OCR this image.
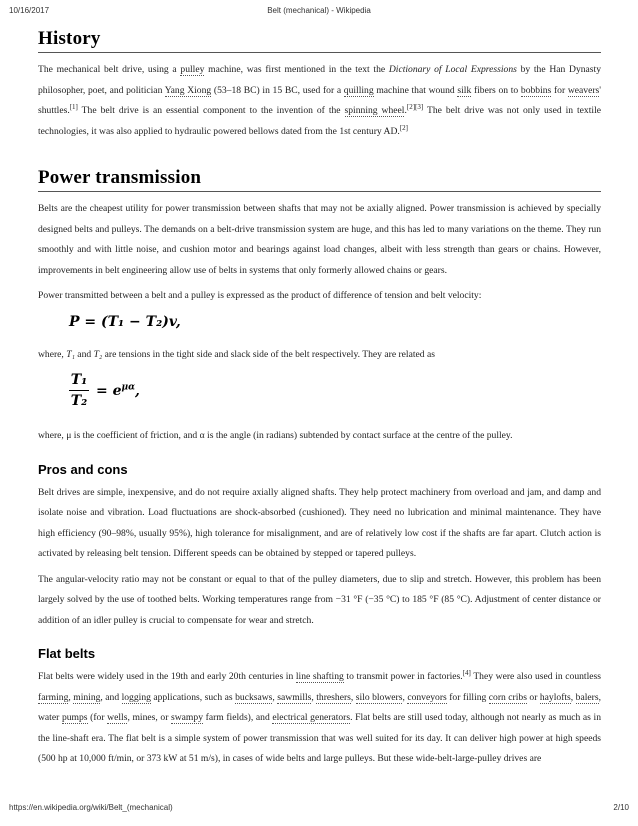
10/16/2017	Belt (mechanical) - Wikipedia
History

The mechanical belt drive, using a pulley machine, was first mentioned in the text the Dictionary of Local Expressions by the Han Dynasty philosopher, poet, and politician Yang Xiong (53–18 BC) in 15 BC, used for a quilling machine that wound silk fibers on to bobbins for weavers' shuttles.[1] The belt drive is an essential component to the invention of the spinning wheel.[2][3] The belt drive was not only used in textile technologies, it was also applied to hydraulic powered bellows dated from the 1st century AD.[2]

Power transmission

Belts are the cheapest utility for power transmission between shafts that may not be axially aligned. Power transmission is achieved by specially designed belts and pulleys. The demands on a belt-drive transmission system are huge, and this has led to many variations on the theme. They run smoothly and with little noise, and cushion motor and bearings against load changes, albeit with less strength than gears or chains. However, improvements in belt engineering allow use of belts in systems that only formerly allowed chains or gears.

Power transmitted between a belt and a pulley is expressed as the product of difference of tension and belt velocity:

P = (T₁ − T₂)v,

where, T₁ and T₂ are tensions in the tight side and slack side of the belt respectively. They are related as

T₁
T₂
= $e^{\mu\alpha}$,

where, μ is the coefficient of friction, and α is the angle (in radians) subtended by contact surface at the centre of the pulley.

Pros and cons

Belt drives are simple, inexpensive, and do not require axially aligned shafts. They help protect machinery from overload and jam, and damp and isolate noise and vibration. Load fluctuations are shock-absorbed (cushioned). They need no lubrication and minimal maintenance. They have high efficiency (90–98%, usually 95%), high tolerance for misalignment, and are of relatively low cost if the shafts are far apart. Clutch action is activated by releasing belt tension. Different speeds can be obtained by stepped or tapered pulleys.

The angular-velocity ratio may not be constant or equal to that of the pulley diameters, due to slip and stretch. However, this problem has been largely solved by the use of toothed belts. Working temperatures range from −31 °F (−35 °C) to 185 °F (85 °C). Adjustment of center distance or addition of an idler pulley is crucial to compensate for wear and stretch.

Flat belts

Flat belts were widely used in the 19th and early 20th centuries in line shafting to transmit power in factories.[4] They were also used in countless farming, mining, and logging applications, such as bucksaws, sawmills, threshers, silo blowers, conveyors for filling corn cribs or haylofts, balers, water pumps (for wells, mines, or swampy farm fields), and electrical generators. Flat belts are still used today, although not nearly as much as in the line-shaft era. The flat belt is a simple system of power transmission that was well suited for its day. It can deliver high power at high speeds (500 hp at 10,000 ft/min, or 373 kW at 51 m/s), in cases of wide belts and large pulleys. But these wide-belt-large-pulley drives are

https://en.wikipedia.org/wiki/Belt_(mechanical)	2/10
